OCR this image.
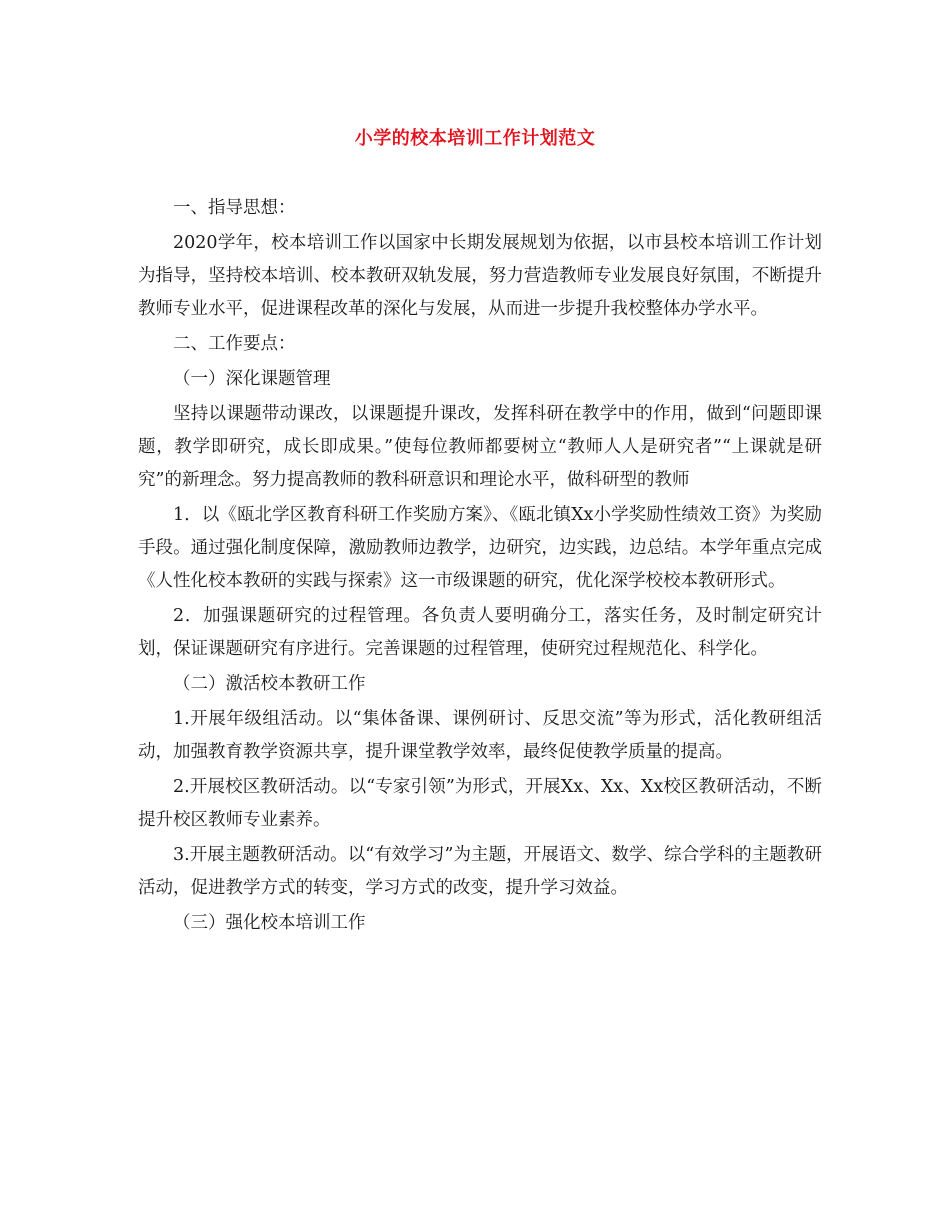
小学的校本培训工作计划范文

一、指导思想：

2020学年，校本培训工作以国家中长期发展规划为依据，以市县校本培训工作计划为指导，坚持校本培训、校本教研双轨发展，努力营造教师专业发展良好氛围，不断提升教师专业水平，促进课程改革的深化与发展，从而进一步提升我校整体办学水平。

二、工作要点：

（一）深化课题管理

坚持以课题带动课改，以课题提升课改，发挥科研在教学中的作用，做到“问题即课题，教学即研究，成长即成果。”使每位教师都要树立“教师人人是研究者”“上课就是研究”的新理念。努力提高教师的教科研意识和理论水平，做科研型的教师

1．以《瓯北学区教育科研工作奖励方案》、《瓯北镇Xx小学奖励性绩效工资》为奖励手段。通过强化制度保障，激励教师边教学，边研究，边实践，边总结。本学年重点完成《人性化校本教研的实践与探索》这一市级课题的研究，优化深学校校本教研形式。

2．加强课题研究的过程管理。各负责人要明确分工，落实任务，及时制定研究计划，保证课题研究有序进行。完善课题的过程管理，使研究过程规范化、科学化。

（二）激活校本教研工作

1.开展年级组活动。以“集体备课、课例研讨、反思交流”等为形式，活化教研组活动，加强教育教学资源共享，提升课堂教学效率，最终促使教学质量的提高。

2.开展校区教研活动。以“专家引领”为形式，开展Xx、Xx、Xx校区教研活动，不断提升校区教师专业素养。

3.开展主题教研活动。以“有效学习”为主题，开展语文、数学、综合学科的主题教研活动，促进教学方式的转变，学习方式的改变，提升学习效益。

（三）强化校本培训工作
